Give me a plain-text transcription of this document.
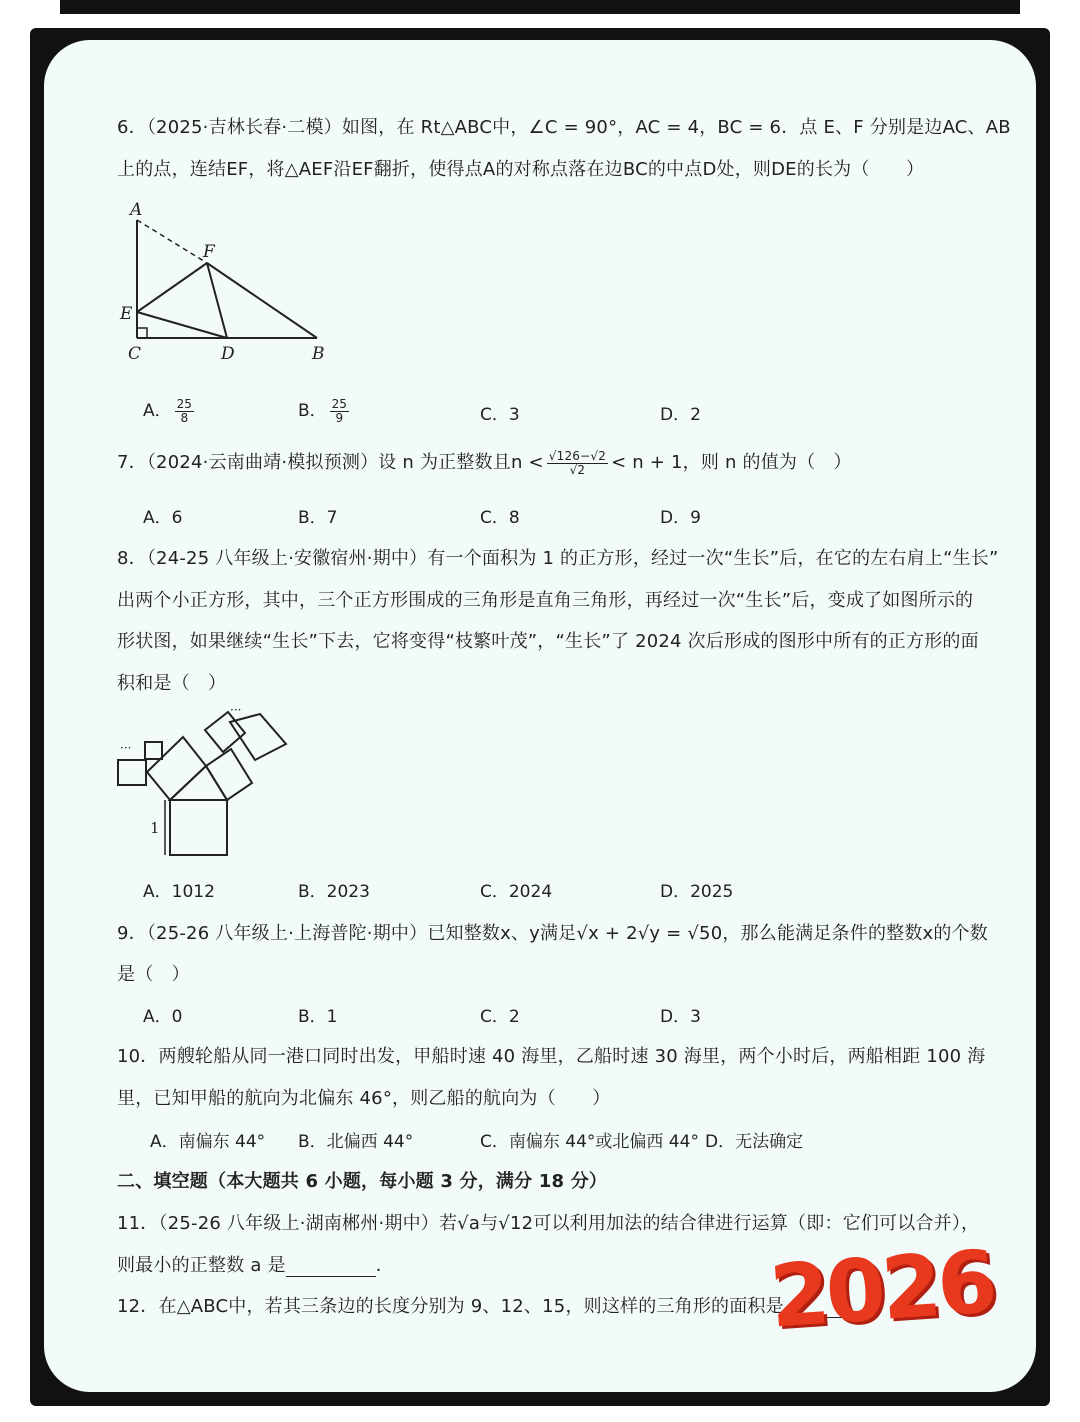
6．（2025·吉林长春·二模）如图，在 Rt△ABC中，∠C = 90°，AC = 4，BC = 6．点 E、F 分别是边AC、AB
上的点，连结EF，将△AEF沿EF翻折，使得点A的对称点落在边BC的中点D处，则DE的长为（　　）
A
F
E
C	D	B
A． $\frac{25}{8}$	B． $\frac{25}{9}$	C．3	D．2
7．（2024·云南曲靖·模拟预测）设 n 为正整数且$n < \frac{√126-√2}{√2} < n + 1$，则 n 的值为（　）
A．6	B．7	C．8	D．9
8．（24-25 八年级上·安徽宿州·期中）有一个面积为 1 的正方形，经过一次“生长”后，在它的左右肩上“生长”
出两个小正方形，其中，三个正方形围成的三角形是直角三角形，再经过一次“生长”后，变成了如图所示的
形状图，如果继续“生长”下去，它将变得“枝繁叶茂”，“生长”了 2024 次后形成的图形中所有的正方形的面
积和是（　）
1
···
···
A．1012	B．2023	C．2024	D．2025
9．（25-26 八年级上·上海普陀·期中）已知整数x、y满足√x + 2√y = √50，那么能满足条件的整数x的个数
是（　）
A．0	B．1	C．2	D．3
10．两艘轮船从同一港口同时出发，甲船时速 40 海里，乙船时速 30 海里，两个小时后，两船相距 100 海
里，已知甲船的航向为北偏东 46°，则乙船的航向为（　　）
A．南偏东 44° B．北偏西 44°	C．南偏东 44°或北偏西 44° D．无法确定
二、填空题（本大题共 6 小题，每小题 3 分，满分 18 分）
11．（25-26 八年级上·湖南郴州·期中）若√a与√12可以利用加法的结合律进行运算（即：它们可以合并），
则最小的正整数 a 是	．
12．在△ABC中，若其三条边的长度分别为 9、12、15，则这样的三角形的面积是
2026
